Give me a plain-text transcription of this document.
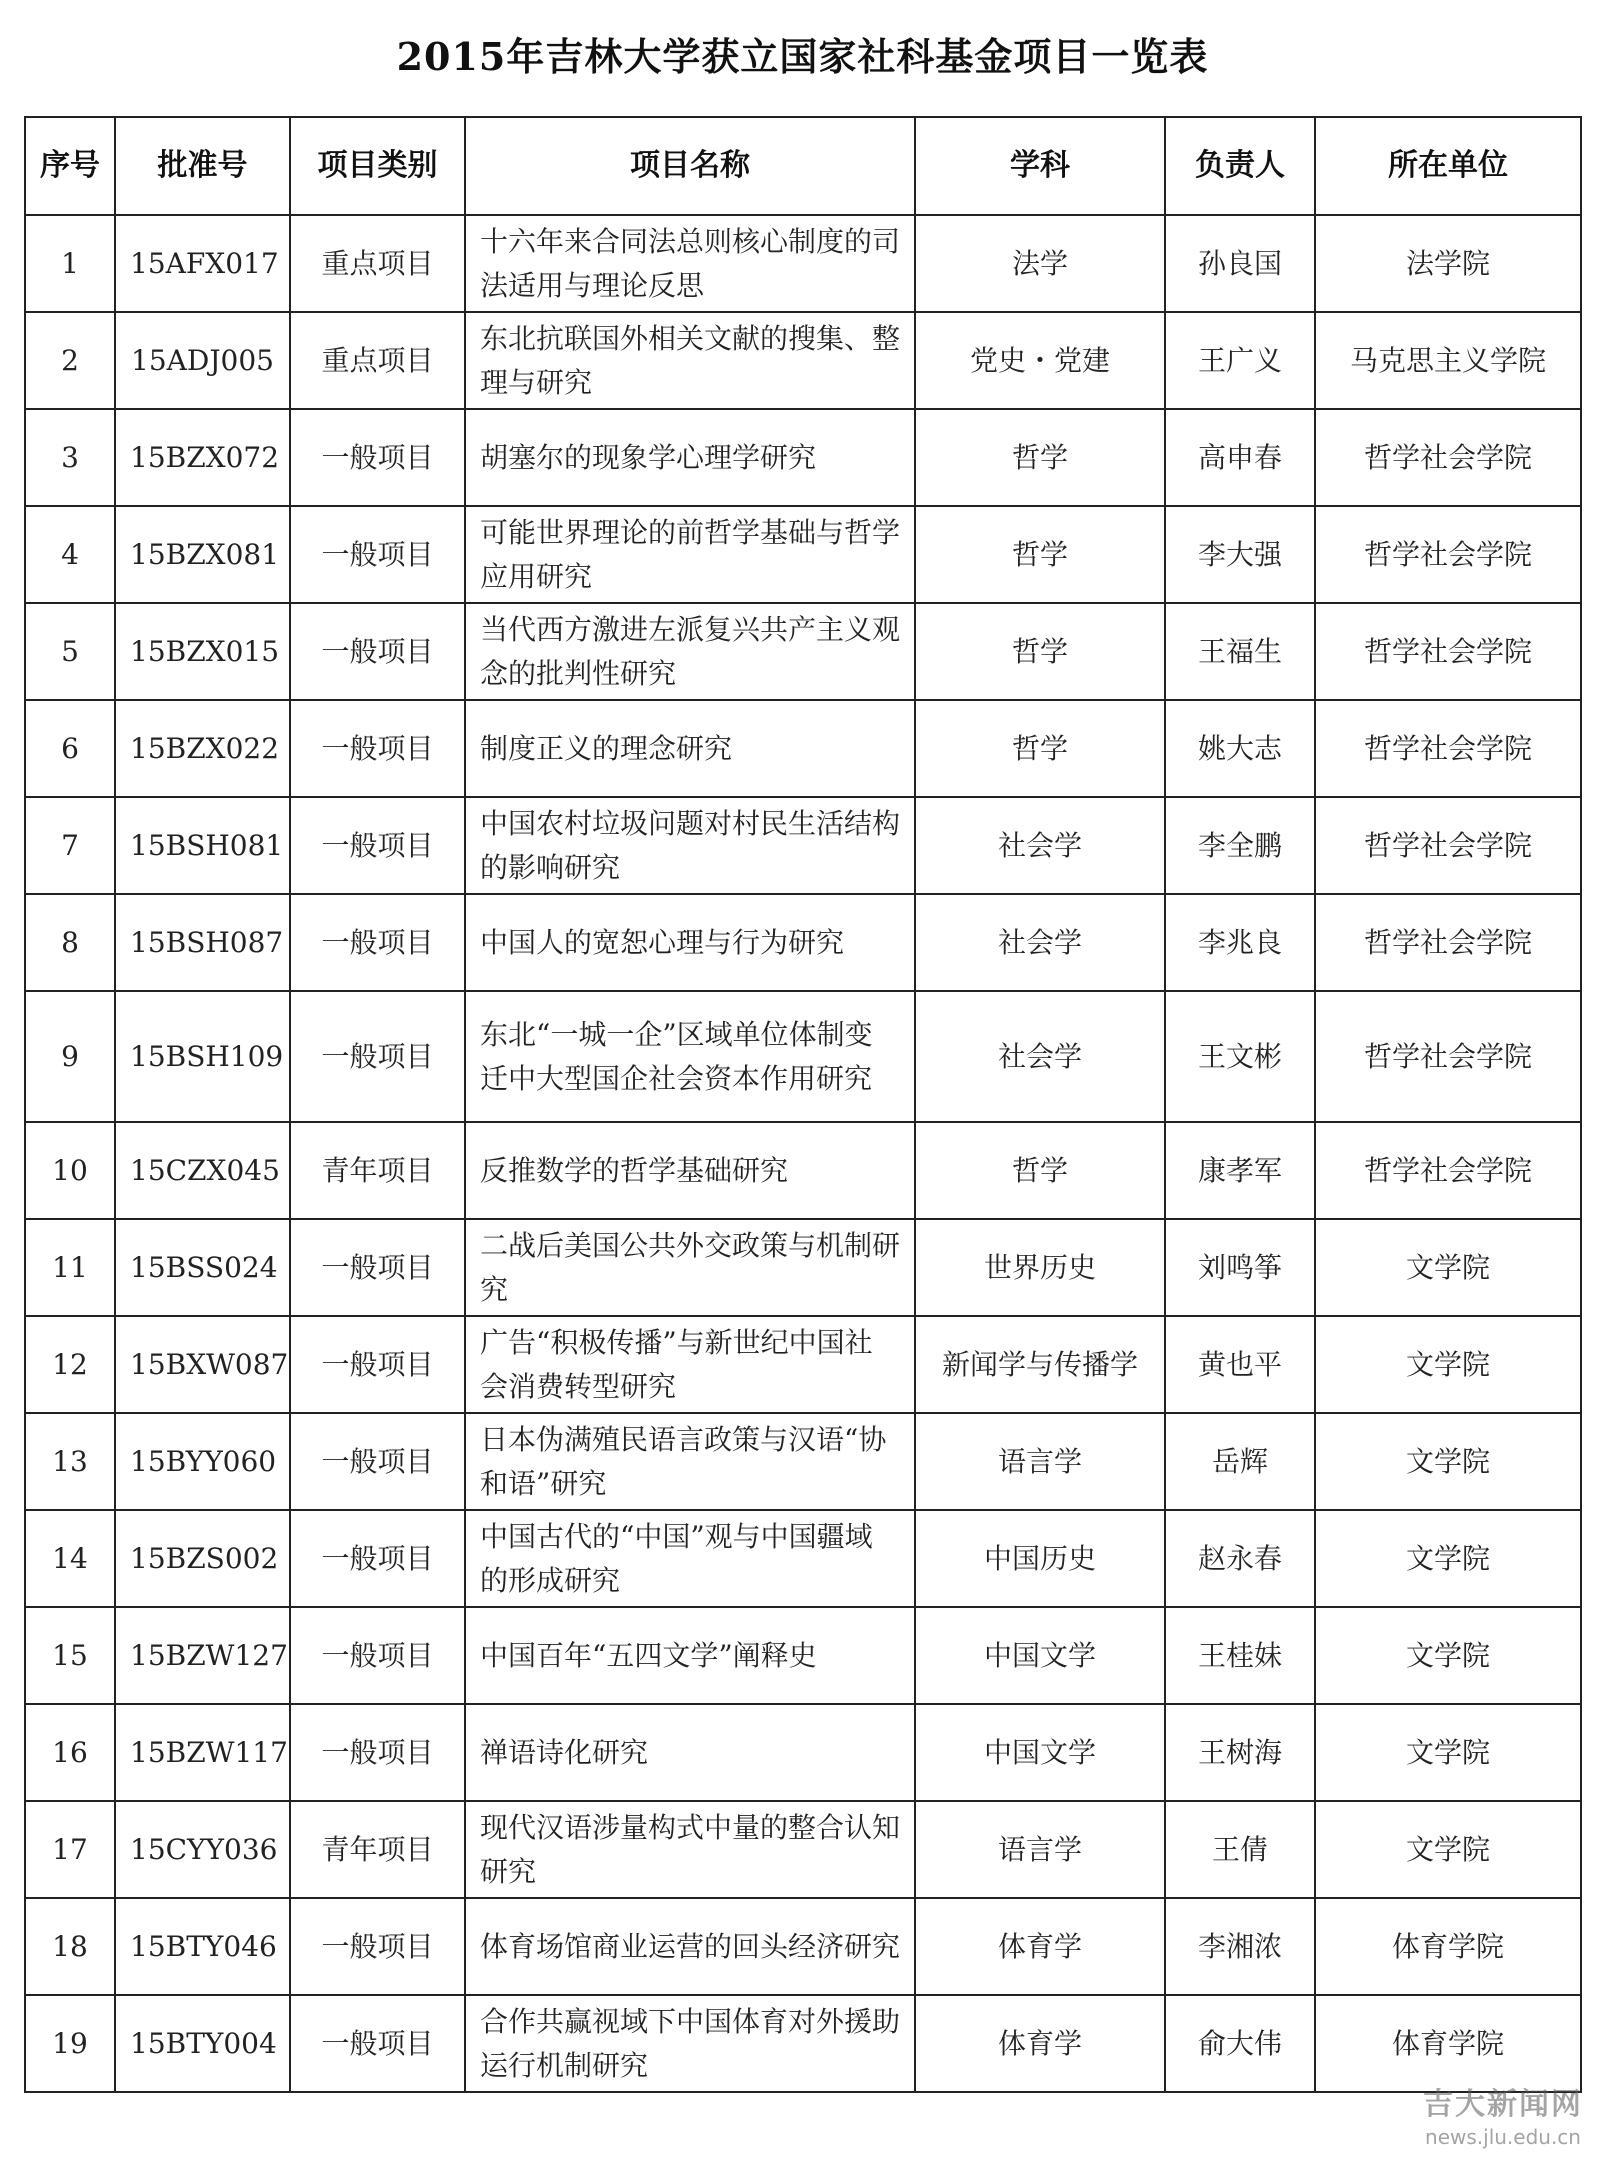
2015年吉林大学获立国家社科基金项目一览表
序号	批准号	项目类别	项目名称	学科	负责人	所在单位
1	15AFX017	重点项目	十六年来合同法总则核心制度的司法适用与理论反思	法学	孙良国	法学院
2	15ADJ005	重点项目	东北抗联国外相关文献的搜集、整理与研究	党史・党建	王广义	马克思主义学院
3	15BZX072	一般项目	胡塞尔的现象学心理学研究	哲学	高申春	哲学社会学院
4	15BZX081	一般项目	可能世界理论的前哲学基础与哲学应用研究	哲学	李大强	哲学社会学院
5	15BZX015	一般项目	当代西方激进左派复兴共产主义观念的批判性研究	哲学	王福生	哲学社会学院
6	15BZX022	一般项目	制度正义的理念研究	哲学	姚大志	哲学社会学院
7	15BSH081	一般项目	中国农村垃圾问题对村民生活结构的影响研究	社会学	李全鹏	哲学社会学院
8	15BSH087	一般项目	中国人的宽恕心理与行为研究	社会学	李兆良	哲学社会学院
9	15BSH109	一般项目	东北“一城一企”区域单位体制变迁中大型国企社会资本作用研究	社会学	王文彬	哲学社会学院
10	15CZX045	青年项目	反推数学的哲学基础研究	哲学	康孝军	哲学社会学院
11	15BSS024	一般项目	二战后美国公共外交政策与机制研究	世界历史	刘鸣筝	文学院
12	15BXW087	一般项目	广告“积极传播”与新世纪中国社会消费转型研究	新闻学与传播学	黄也平	文学院
13	15BYY060	一般项目	日本伪满殖民语言政策与汉语“协和语”研究	语言学	岳辉	文学院
14	15BZS002	一般项目	中国古代的“中国”观与中国疆域的形成研究	中国历史	赵永春	文学院
15	15BZW127	一般项目	中国百年“五四文学”阐释史	中国文学	王桂妹	文学院
16	15BZW117	一般项目	禅语诗化研究	中国文学	王树海	文学院
17	15CYY036	青年项目	现代汉语涉量构式中量的整合认知研究	语言学	王倩	文学院
18	15BTY046	一般项目	体育场馆商业运营的回头经济研究	体育学	李湘浓	体育学院
19	15BTY004	一般项目	合作共赢视域下中国体育对外援助运行机制研究	体育学	俞大伟	体育学院
吉大新闻网
news.jlu.edu.cn
